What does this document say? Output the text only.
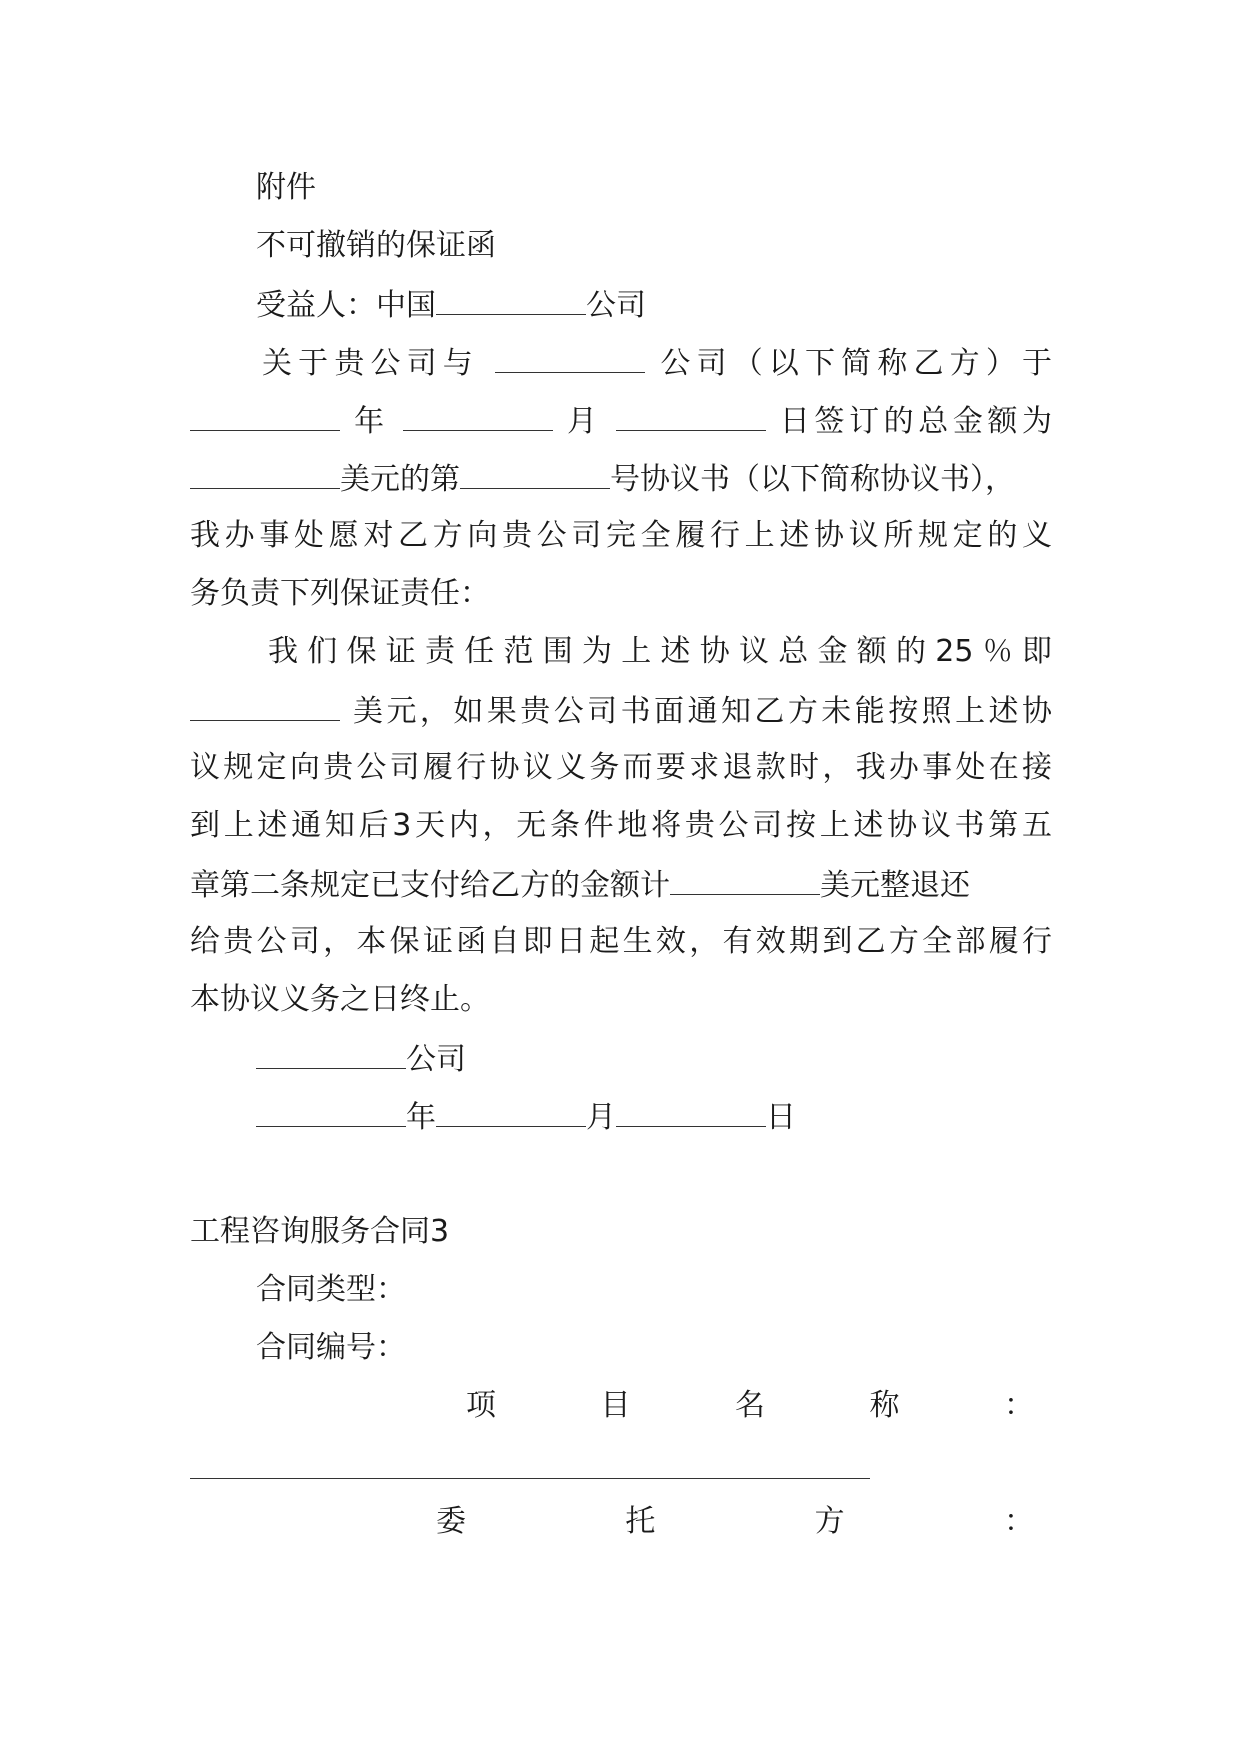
附件
不可撤销的保证函
受益人：中国	公司
关于贵公司与	公司（以下简称乙方）于
年	月	日签订的总金额为
美元的第	号协议书（以下简称协议书），
我办事处愿对乙方向贵公司完全履行上述协议所规定的义
务负责下列保证责任：
我们保证责任范围为上述协议总金额的25％即
美元，如果贵公司书面通知乙方未能按照上述协
议规定向贵公司履行协议义务而要求退款时，我办事处在接
到上述通知后3天内，无条件地将贵公司按上述协议书第五
章第二条规定已支付给乙方的金额计	美元整退还
给贵公司，本保证函自即日起生效，有效期到乙方全部履行
本协议义务之日终止。
公司
年	月	日
工程咨询服务合同3
合同类型：
合同编号：
项 目 名 称 ：
委 托 方 ：
